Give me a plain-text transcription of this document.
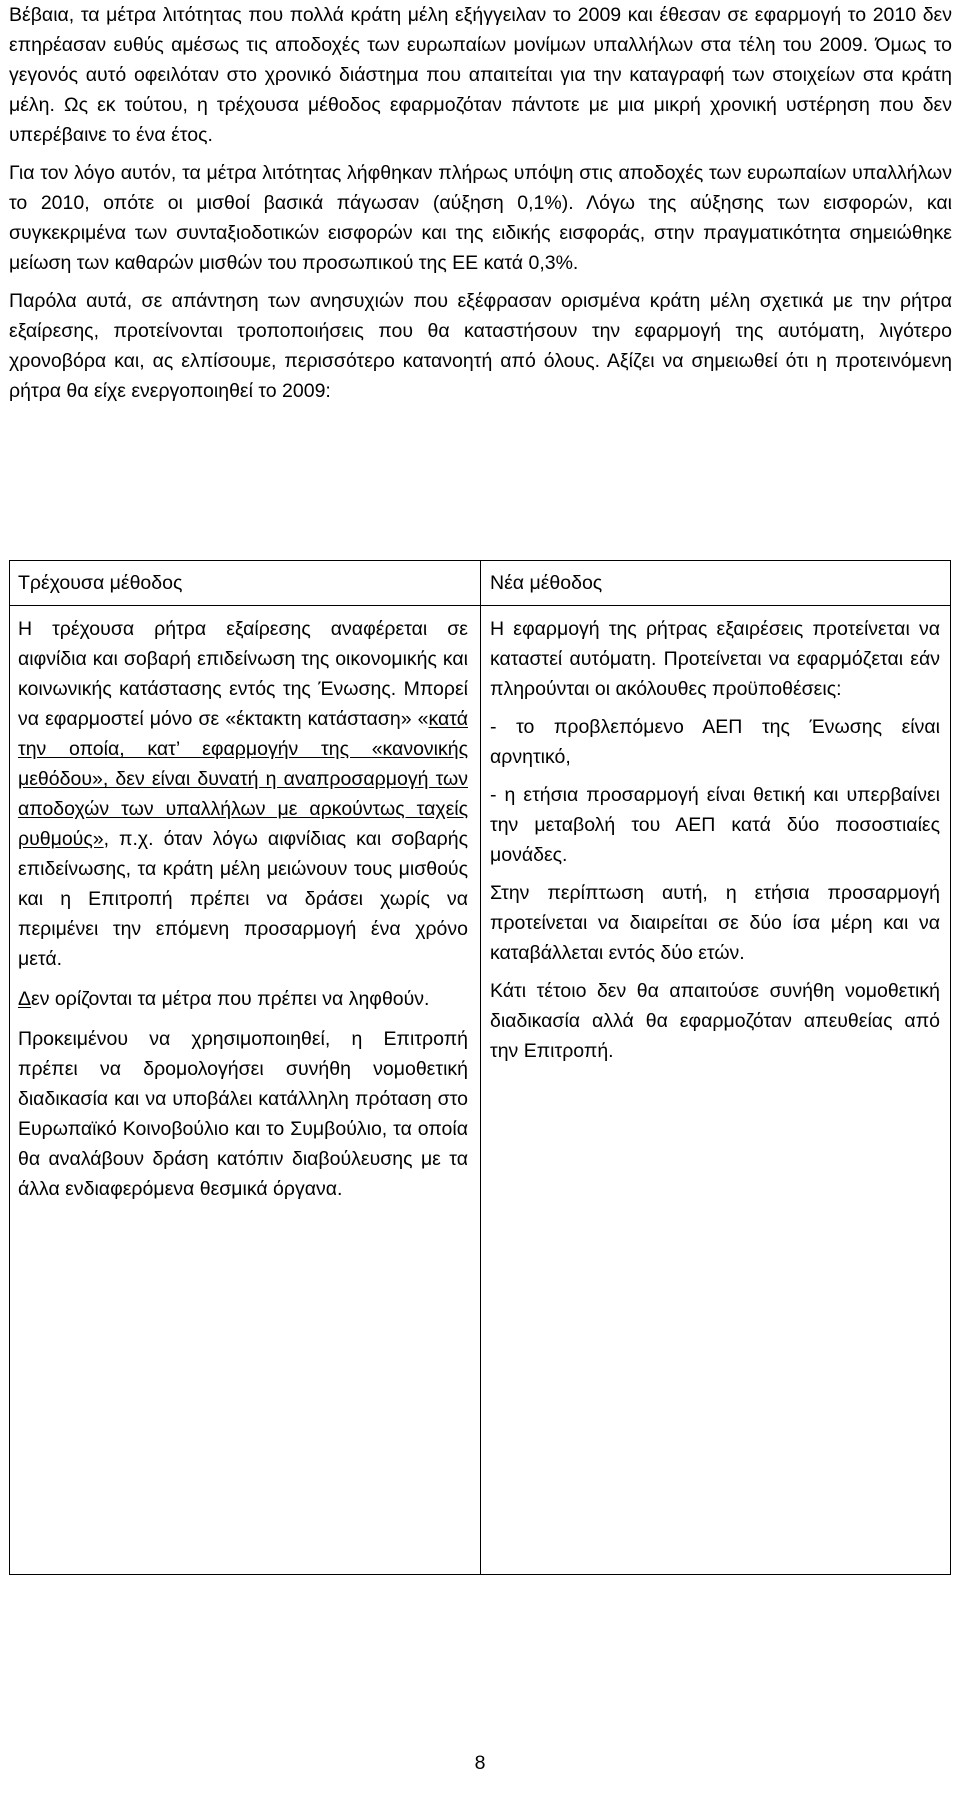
Βέβαια, τα μέτρα λιτότητας που πολλά κράτη μέλη εξήγγειλαν το 2009 και έθεσαν σε εφαρμογή το 2010 δεν επηρέασαν ευθύς αμέσως τις αποδοχές των ευρωπαίων μονίμων υπαλλήλων στα τέλη του 2009. Όμως το γεγονός αυτό οφειλόταν στο χρονικό διάστημα που απαιτείται για την καταγραφή των στοιχείων στα κράτη μέλη. Ως εκ τούτου, η τρέχουσα μέθοδος εφαρμοζόταν πάντοτε με μια μικρή χρονική υστέρηση που δεν υπερέβαινε το ένα έτος.

Για τον λόγο αυτόν, τα μέτρα λιτότητας λήφθηκαν πλήρως υπόψη στις αποδοχές των ευρωπαίων υπαλλήλων το 2010, οπότε οι μισθοί βασικά πάγωσαν (αύξηση 0,1%). Λόγω της αύξησης των εισφορών, και συγκεκριμένα των συνταξιοδοτικών εισφορών και της ειδικής εισφοράς, στην πραγματικότητα σημειώθηκε μείωση των καθαρών μισθών του προσωπικού της ΕΕ κατά 0,3%.

Παρόλα αυτά, σε απάντηση των ανησυχιών που εξέφρασαν ορισμένα κράτη μέλη σχετικά με την ρήτρα εξαίρεσης, προτείνονται τροποποιήσεις που θα καταστήσουν την εφαρμογή της αυτόματη, λιγότερο χρονοβόρα και, ας ελπίσουμε, περισσότερο κατανοητή από όλους. Αξίζει να σημειωθεί ότι η προτεινόμενη ρήτρα θα είχε ενεργοποιηθεί το 2009:

Τρέχουσα μέθοδος	Νέα μέθοδος

Η τρέχουσα ρήτρα εξαίρεσης αναφέρεται σε αιφνίδια και σοβαρή επιδείνωση της οικονομικής και κοινωνικής κατάστασης εντός της Ένωσης. Μπορεί να εφαρμοστεί μόνο σε «έκτακτη κατάσταση» «κατά την οποία, κατ’ εφαρμογήν της «κανονικής μεθόδου», δεν είναι δυνατή η αναπροσαρμογή των αποδοχών των υπαλλήλων με αρκούντως ταχείς ρυθμούς», π.χ. όταν λόγω αιφνίδιας και σοβαρής επιδείνωσης, τα κράτη μέλη μειώνουν τους μισθούς και η Επιτροπή πρέπει να δράσει χωρίς να περιμένει την επόμενη προσαρμογή ένα χρόνο μετά.

Δεν ορίζονται τα μέτρα που πρέπει να ληφθούν.

Προκειμένου να χρησιμοποιηθεί, η Επιτροπή πρέπει να δρομολογήσει συνήθη νομοθετική διαδικασία και να υποβάλει κατάλληλη πρόταση στο Ευρωπαϊκό Κοινοβούλιο και το Συμβούλιο, τα οποία θα αναλάβουν δράση κατόπιν διαβούλευσης με τα άλλα ενδιαφερόμενα θεσμικά όργανα.

Η εφαρμογή της ρήτρας εξαιρέσεις προτείνεται να καταστεί αυτόματη. Προτείνεται να εφαρμόζεται εάν πληρούνται οι ακόλουθες προϋποθέσεις:

- το προβλεπόμενο ΑΕΠ της Ένωσης είναι αρνητικό,

- η ετήσια προσαρμογή είναι θετική και υπερβαίνει την μεταβολή του ΑΕΠ κατά δύο ποσοστιαίες μονάδες.

Στην περίπτωση αυτή, η ετήσια προσαρμογή προτείνεται να διαιρείται σε δύο ίσα μέρη και να καταβάλλεται εντός δύο ετών.

Κάτι τέτοιο δεν θα απαιτούσε συνήθη νομοθετική διαδικασία αλλά θα εφαρμοζόταν απευθείας από την Επιτροπή.

8
